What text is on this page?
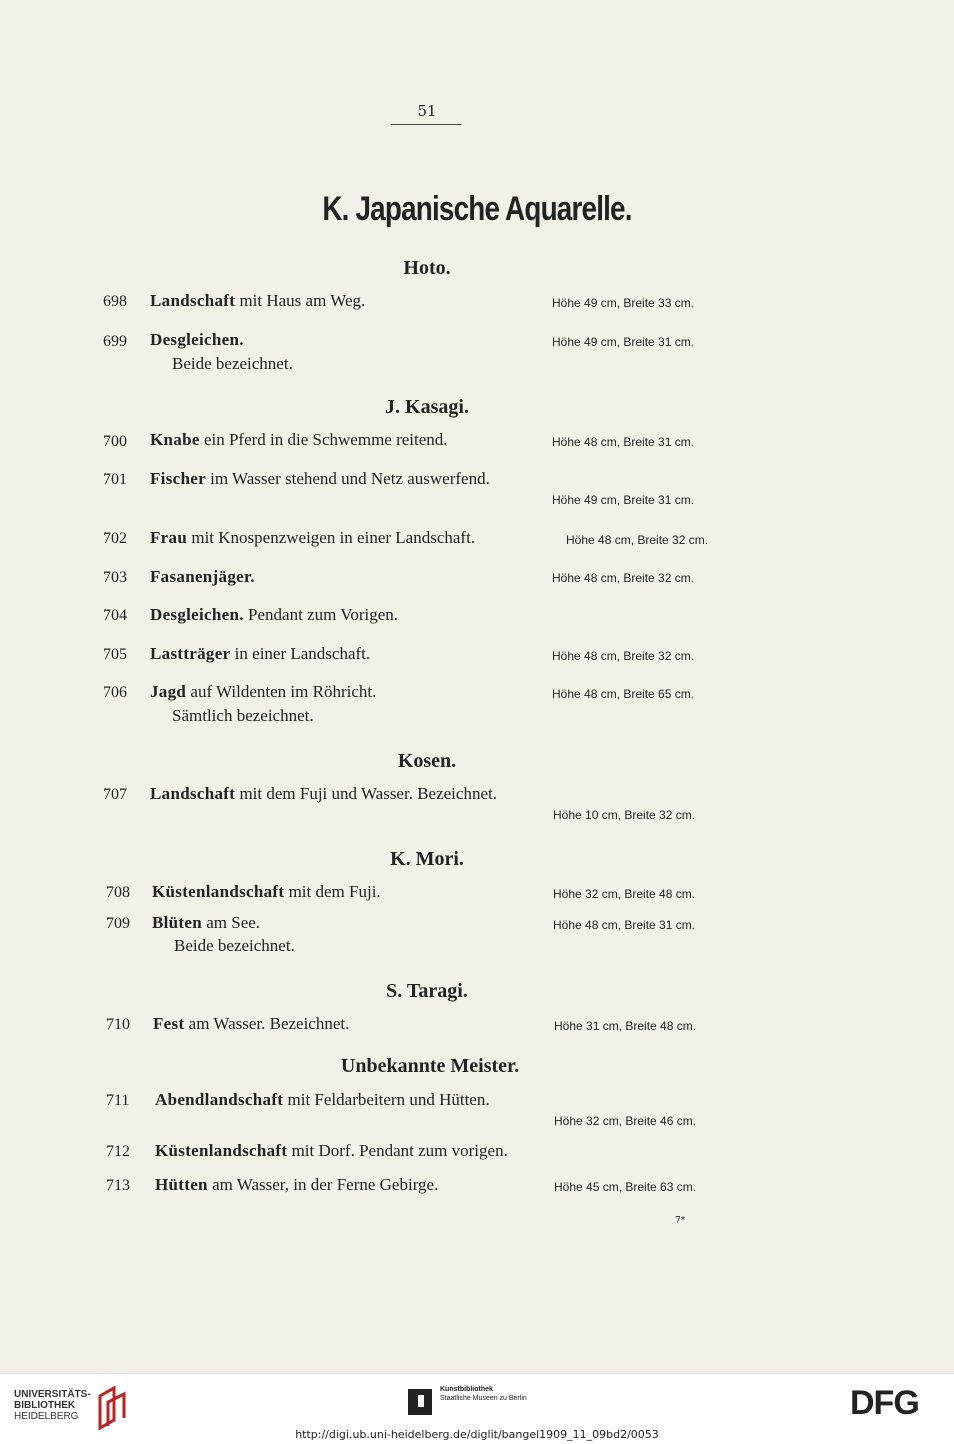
51
K. Japanische Aquarelle.
Hoto.
698 Landschaft mit Haus am Weg.	Höhe 49 cm, Breite 33 cm.
699 Desgleichen.	Höhe 49 cm, Breite 31 cm.
Beide bezeichnet.
J. Kasagi.
700 Knabe ein Pferd in die Schwemme reitend.	Höhe 48 cm, Breite 31 cm.
701 Fischer im Wasser stehend und Netz auswerfend.
Höhe 49 cm, Breite 31 cm.
702 Frau mit Knospenzweigen in einer Landschaft.	Höhe 48 cm, Breite 32 cm.
703 Fasanenjäger.	Höhe 48 cm, Breite 32 cm.
704 Desgleichen. Pendant zum Vorigen.
705 Lastträger in einer Landschaft.	Höhe 48 cm, Breite 32 cm.
706 Jagd auf Wildenten im Röhricht.	Höhe 48 cm, Breite 65 cm.
Sämtlich bezeichnet.
Kosen.
707 Landschaft mit dem Fuji und Wasser. Bezeichnet.
Höhe 10 cm, Breite 32 cm.
K. Mori.
708 Küstenlandschaft mit dem Fuji.	Höhe 32 cm, Breite 48 cm.
709 Blüten am See.	Höhe 48 cm, Breite 31 cm.
Beide bezeichnet.
S. Taragi.
710 Fest am Wasser. Bezeichnet.	Höhe 31 cm, Breite 48 cm.
Unbekannte Meister.
711 Abendlandschaft mit Feldarbeitern und Hütten.
Höhe 32 cm, Breite 46 cm.
712 Küstenlandschaft mit Dorf. Pendant zum vorigen.
713 Hütten am Wasser, in der Ferne Gebirge.	Höhe 45 cm, Breite 63 cm.
7*
UNIVERSITÄTS-
BIBLIOTHEK
HEIDELBERG
Kunstbibliothek
Staatliche Museen zu Berlin	DFG
http://digi.ub.uni-heidelberg.de/diglit/bangel1909_11_09bd2/0053
